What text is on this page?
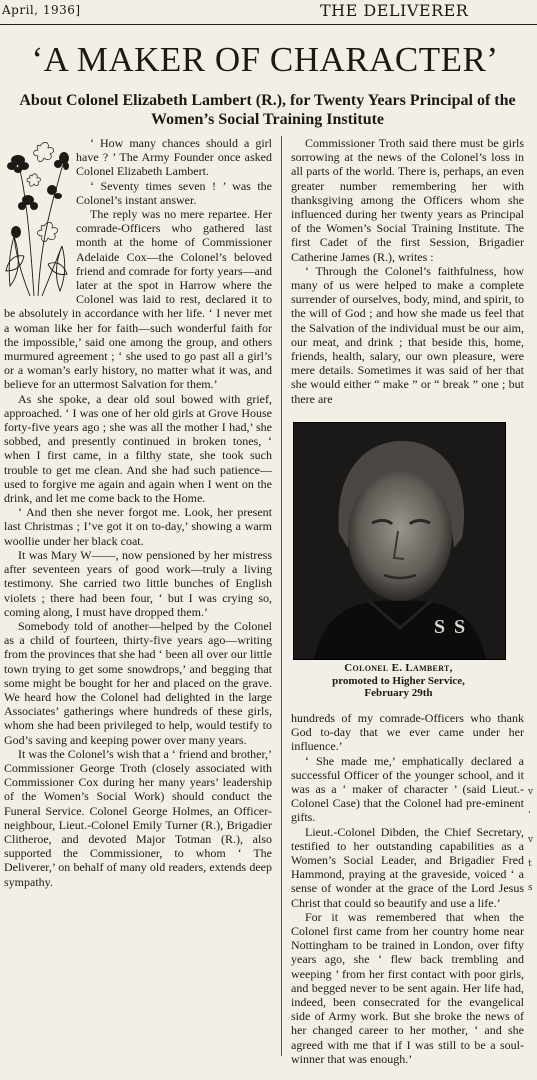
April, 1936]	THE DELIVERER
‘A MAKER OF CHARACTER’
About Colonel Elizabeth Lambert (R.), for Twenty Years Principal of the Women’s Social Training Institute

‘ How many chances should a girl have ? ’ The Army Founder once asked Colonel Elizabeth Lambert.

‘ Seventy times seven ! ’ was the Colonel’s instant answer.

The reply was no mere repartee. Her comrade-Officers who gathered last month at the home of Commissioner Adelaide Cox—the Colonel’s beloved friend and comrade for forty years—and later at the spot in Harrow where the Colonel was laid to rest, declared it to be absolutely in accordance with her life. ‘ I never met a woman like her for faith—such wonderful faith for the impossible,’ said one among the group, and others murmured agreement ; ‘ she used to go past all a girl’s or a woman’s early history, no matter what it was, and believe for an uttermost Salvation for them.’

As she spoke, a dear old soul bowed with grief, approached. ‘ I was one of her old girls at Grove House forty-five years ago ; she was all the mother I had,’ she sobbed, and presently continued in broken tones, ‘ when I first came, in a filthy state, she took such trouble to get me clean. And she had such patience—used to forgive me again and again when I went on the drink, and let me come back to the Home.

‘ And then she never forgot me. Look, her present last Christmas ; I’ve got it on to-day,’ showing a warm woollie under her black coat.

It was Mary W——, now pensioned by her mistress after seventeen years of good work—truly a living testimony. She carried two little bunches of English violets ; there had been four, ‘ but I was crying so, coming along, I must have dropped them.’

Somebody told of another—helped by the Colonel as a child of fourteen, thirty-five years ago—writing from the provinces that she had ‘ been all over our little town trying to get some snowdrops,’ and begging that some might be bought for her and placed on the grave. We heard how the Colonel had delighted in the large Associates’ gatherings where hundreds of these girls, whom she had been privileged to help, would testify to God’s saving and keeping power over many years.

It was the Colonel’s wish that a ‘ friend and brother,’ Commissioner George Troth (closely associated with Commissioner Cox during her many years’ leadership of the Women’s Social Work) should conduct the Funeral Service. Colonel George Holmes, an Officer-neighbour, Lieut.-Colonel Emily Turner (R.), Brigadier Clitheroe, and devoted Major Totman (R.), also supported the Commissioner, to whom ‘ The Deliverer,’ on behalf of many old readers, extends deep sympathy.

Commissioner Troth said there must be girls sorrowing at the news of the Colonel’s loss in all parts of the world. There is, perhaps, an even greater number remembering her with thanksgiving among the Officers whom she influenced during her twenty years as Principal of the Women’s Social Training Institute. The first Cadet of the first Session, Brigadier Catherine James (R.), writes :

‘ Through the Colonel’s faithfulness, how many of us were helped to make a complete surrender of ourselves, body, mind, and spirit, to the will of God ; and how she made us feel that the Salvation of the individual must be our aim, our meat, and drink ; that beside this, home, friends, health, salary, our own pleasure, were mere details. Sometimes it was said of her that she would either “ make ” or “ break ” one ; but there are

S S
Colonel E. Lambert,
promoted to Higher Service,
February 29th

hundreds of my comrade-Officers who thank God to-day that we ever came under her influence.’

‘ She made me,’ emphatically declared a successful Officer of the younger school, and it was as a ‘ maker of character ’ (said Lieut.-Colonel Case) that the Colonel had pre-eminent gifts.

Lieut.-Colonel Dibden, the Chief Secretary, testified to her outstanding capabilities as a Women’s Social Leader, and Brigadier Fred Hammond, praying at the graveside, voiced ‘ a sense of wonder at the grace of the Lord Jesus Christ that could so beautify and use a life.’

For it was remembered that when the Colonel first came from her country home near Nottingham to be trained in London, over fifty years ago, she ‘ flew back trembling and weeping ’ from her first contact with poor girls, and begged never to be sent again. Her life had, indeed, been consecrated for the evangelical side of Army work. But she broke the news of her changed career to her mother, ‘ and she agreed with me that if I was still to be a soul-winner that was enough.’

v
’
v
t
s
